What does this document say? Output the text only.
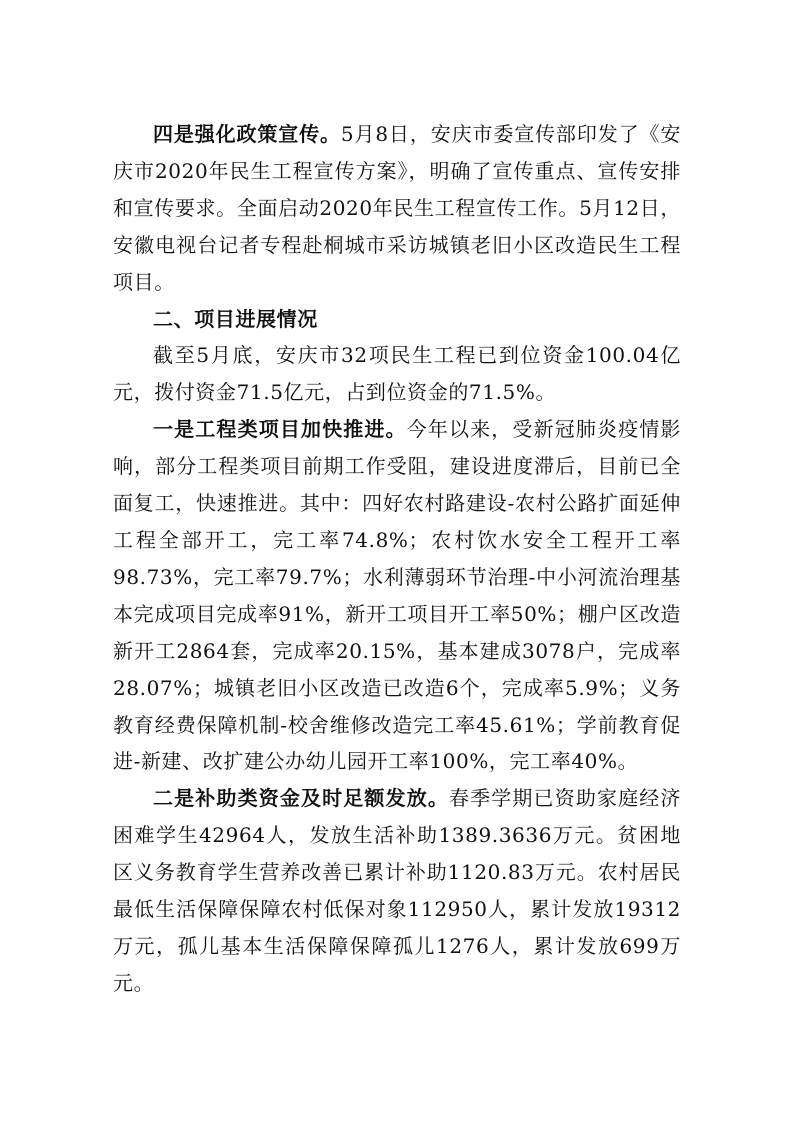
四是强化政策宣传。5月8日，安庆市委宣传部印发了《安庆市2020年民生工程宣传方案》，明确了宣传重点、宣传安排和宣传要求。全面启动2020年民生工程宣传工作。5月12日，安徽电视台记者专程赴桐城市采访城镇老旧小区改造民生工程项目。

二、项目进展情况

截至5月底，安庆市32项民生工程已到位资金100.04亿元，拨付资金71.5亿元，占到位资金的71.5%。

一是工程类项目加快推进。今年以来，受新冠肺炎疫情影响，部分工程类项目前期工作受阻，建设进度滞后，目前已全面复工，快速推进。其中：四好农村路建设-农村公路扩面延伸工程全部开工，完工率74.8%；农村饮水安全工程开工率98.73%，完工率79.7%；水利薄弱环节治理-中小河流治理基本完成项目完成率91%，新开工项目开工率50%；棚户区改造新开工2864套，完成率20.15%，基本建成3078户，完成率28.07%；城镇老旧小区改造已改造6个，完成率5.9%；义务教育经费保障机制-校舍维修改造完工率45.61%；学前教育促进-新建、改扩建公办幼儿园开工率100%，完工率40%。

二是补助类资金及时足额发放。春季学期已资助家庭经济困难学生42964人，发放生活补助1389.3636万元。贫困地区义务教育学生营养改善已累计补助1120.83万元。农村居民最低生活保障保障农村低保对象112950人，累计发放19312万元，孤儿基本生活保障保障孤儿1276人，累计发放699万元。
